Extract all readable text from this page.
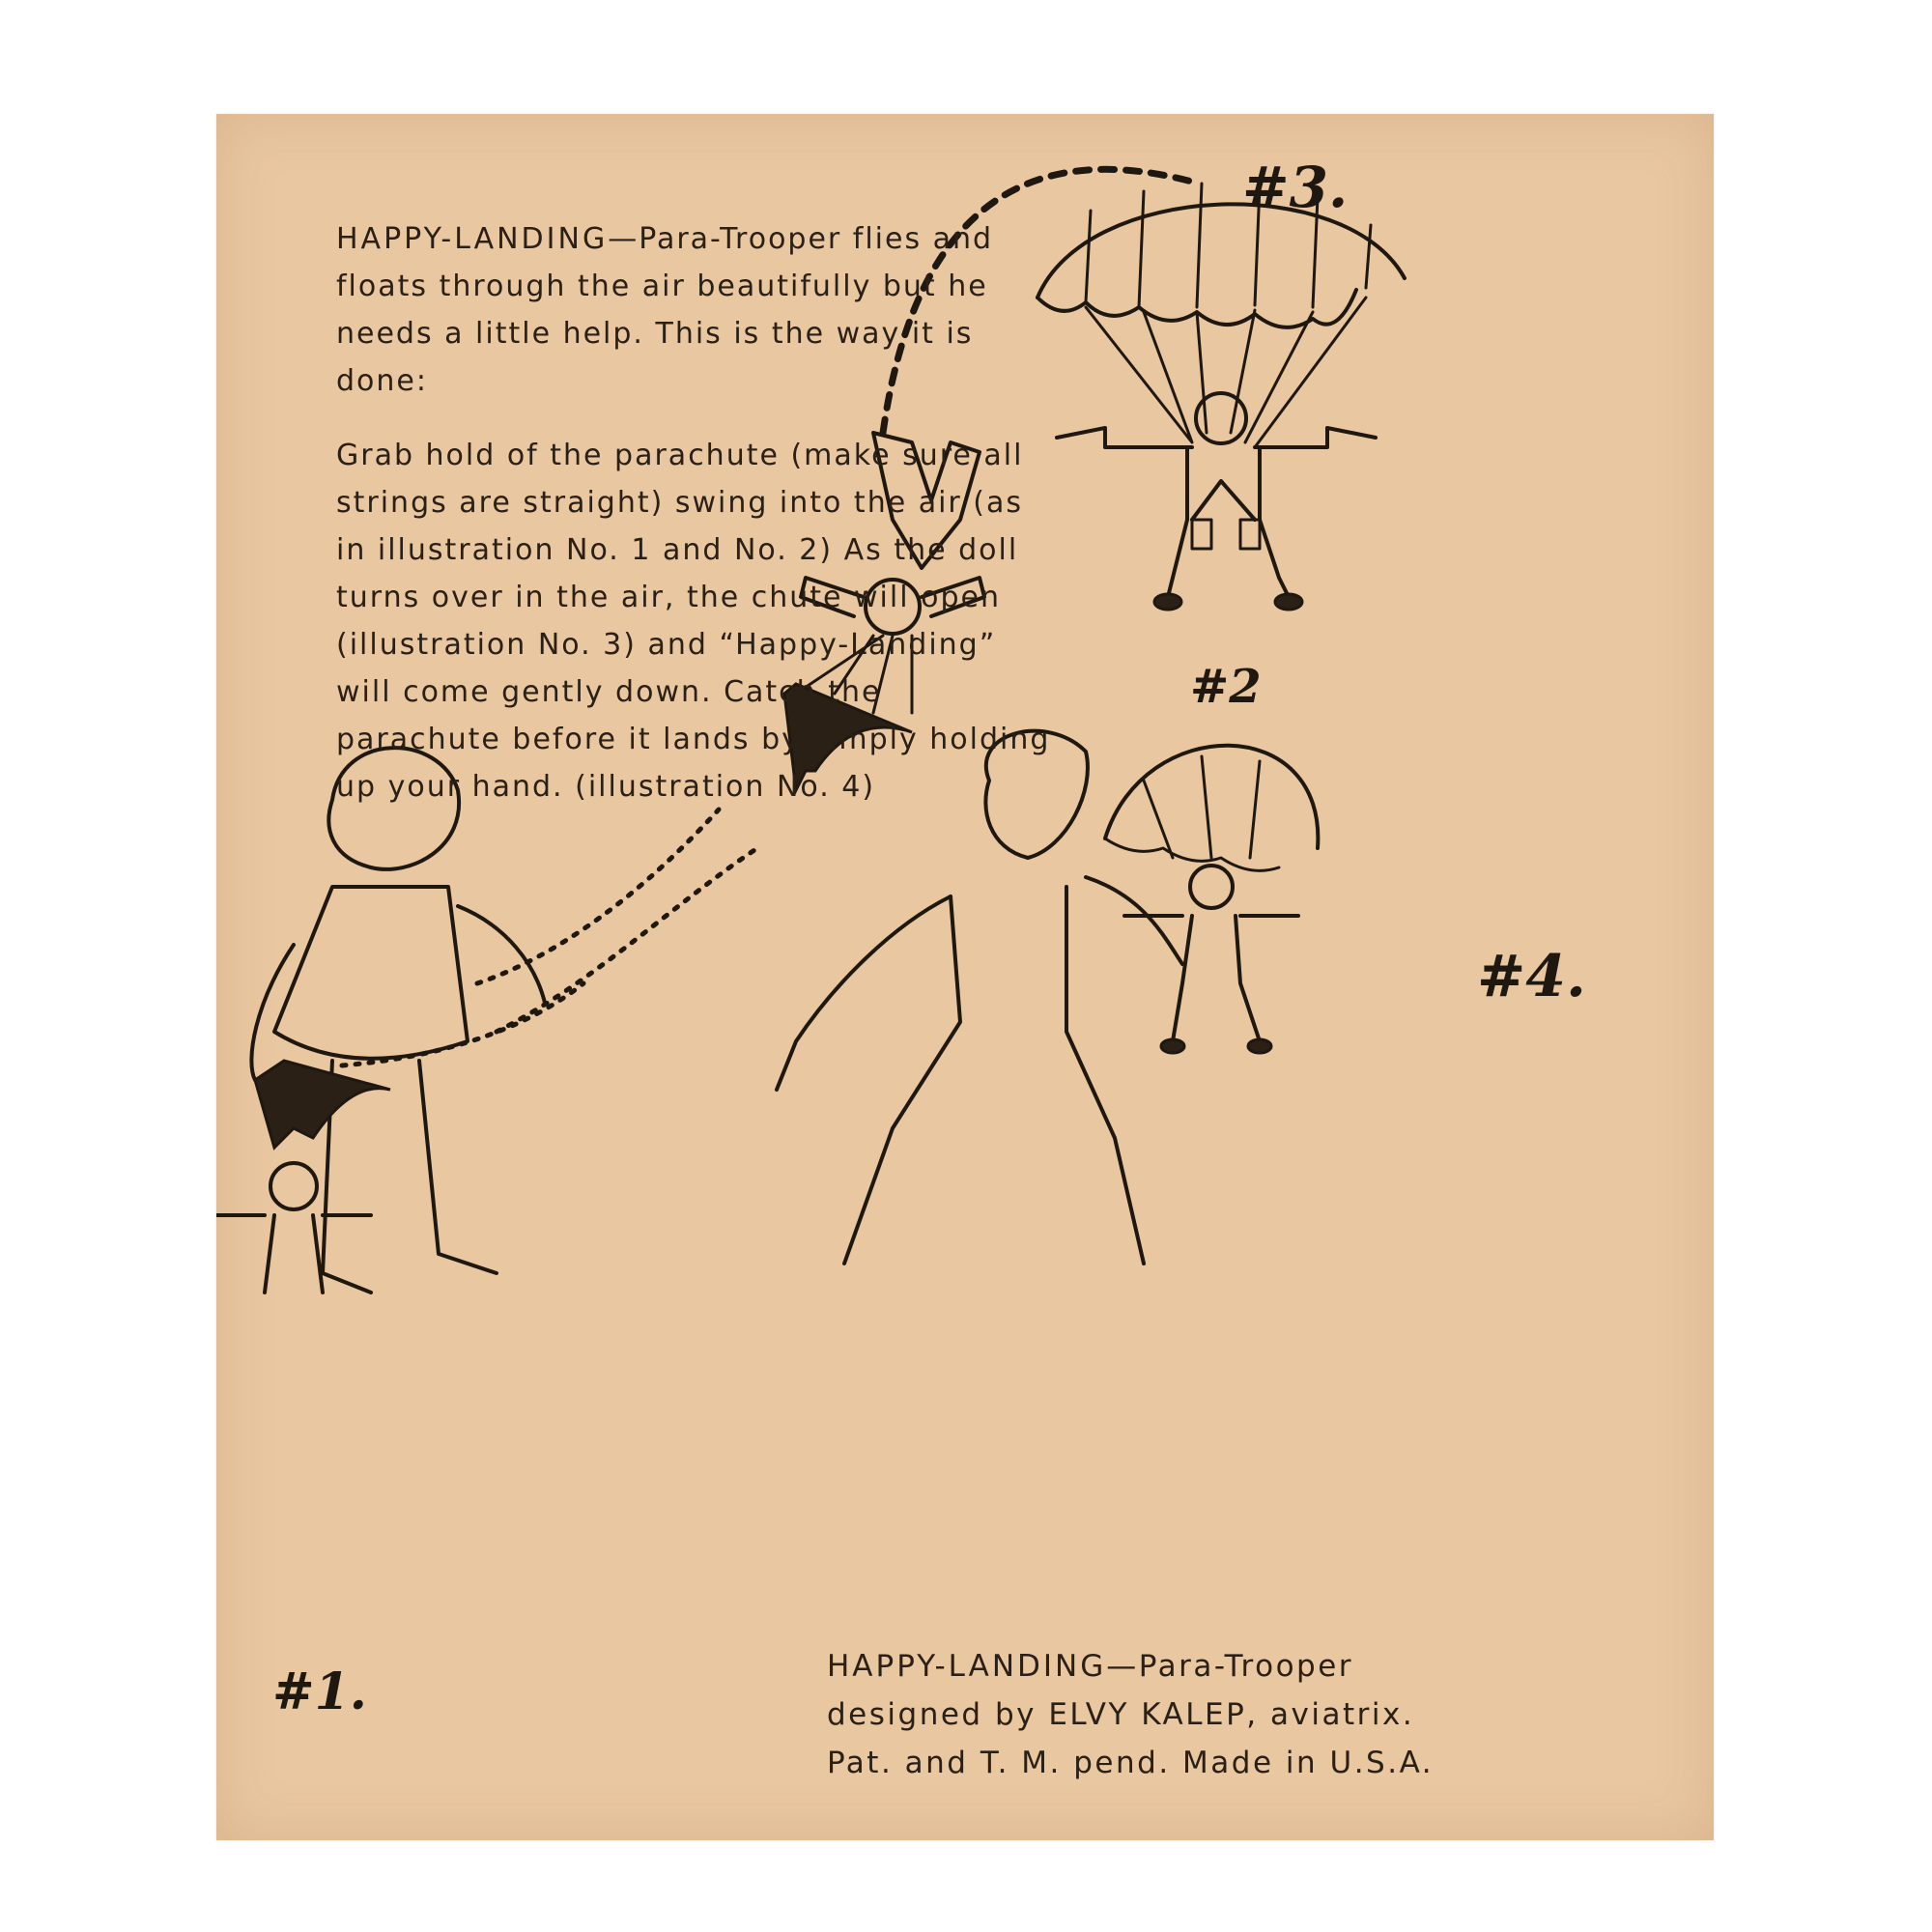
HAPPY-LANDING—Para-Trooper flies and floats through the air beautifully but he needs a little help. This is the way it is done:

Grab hold of the parachute (make sure all strings are straight) swing into the air (as in illustration No. 1 and No. 2) As the doll turns over in the air, the chute will open (illustration No. 3) and “Happy-Landing” will come gently down. Catch the parachute before it lands by simply holding up your hand. (illustration No. 4)

#3.
#2
#4.
#1.	HAPPY-LANDING—Para-Trooper

designed by ELVY KALEP, aviatrix.

Pat. and T. M. pend. Made in U.S.A.
